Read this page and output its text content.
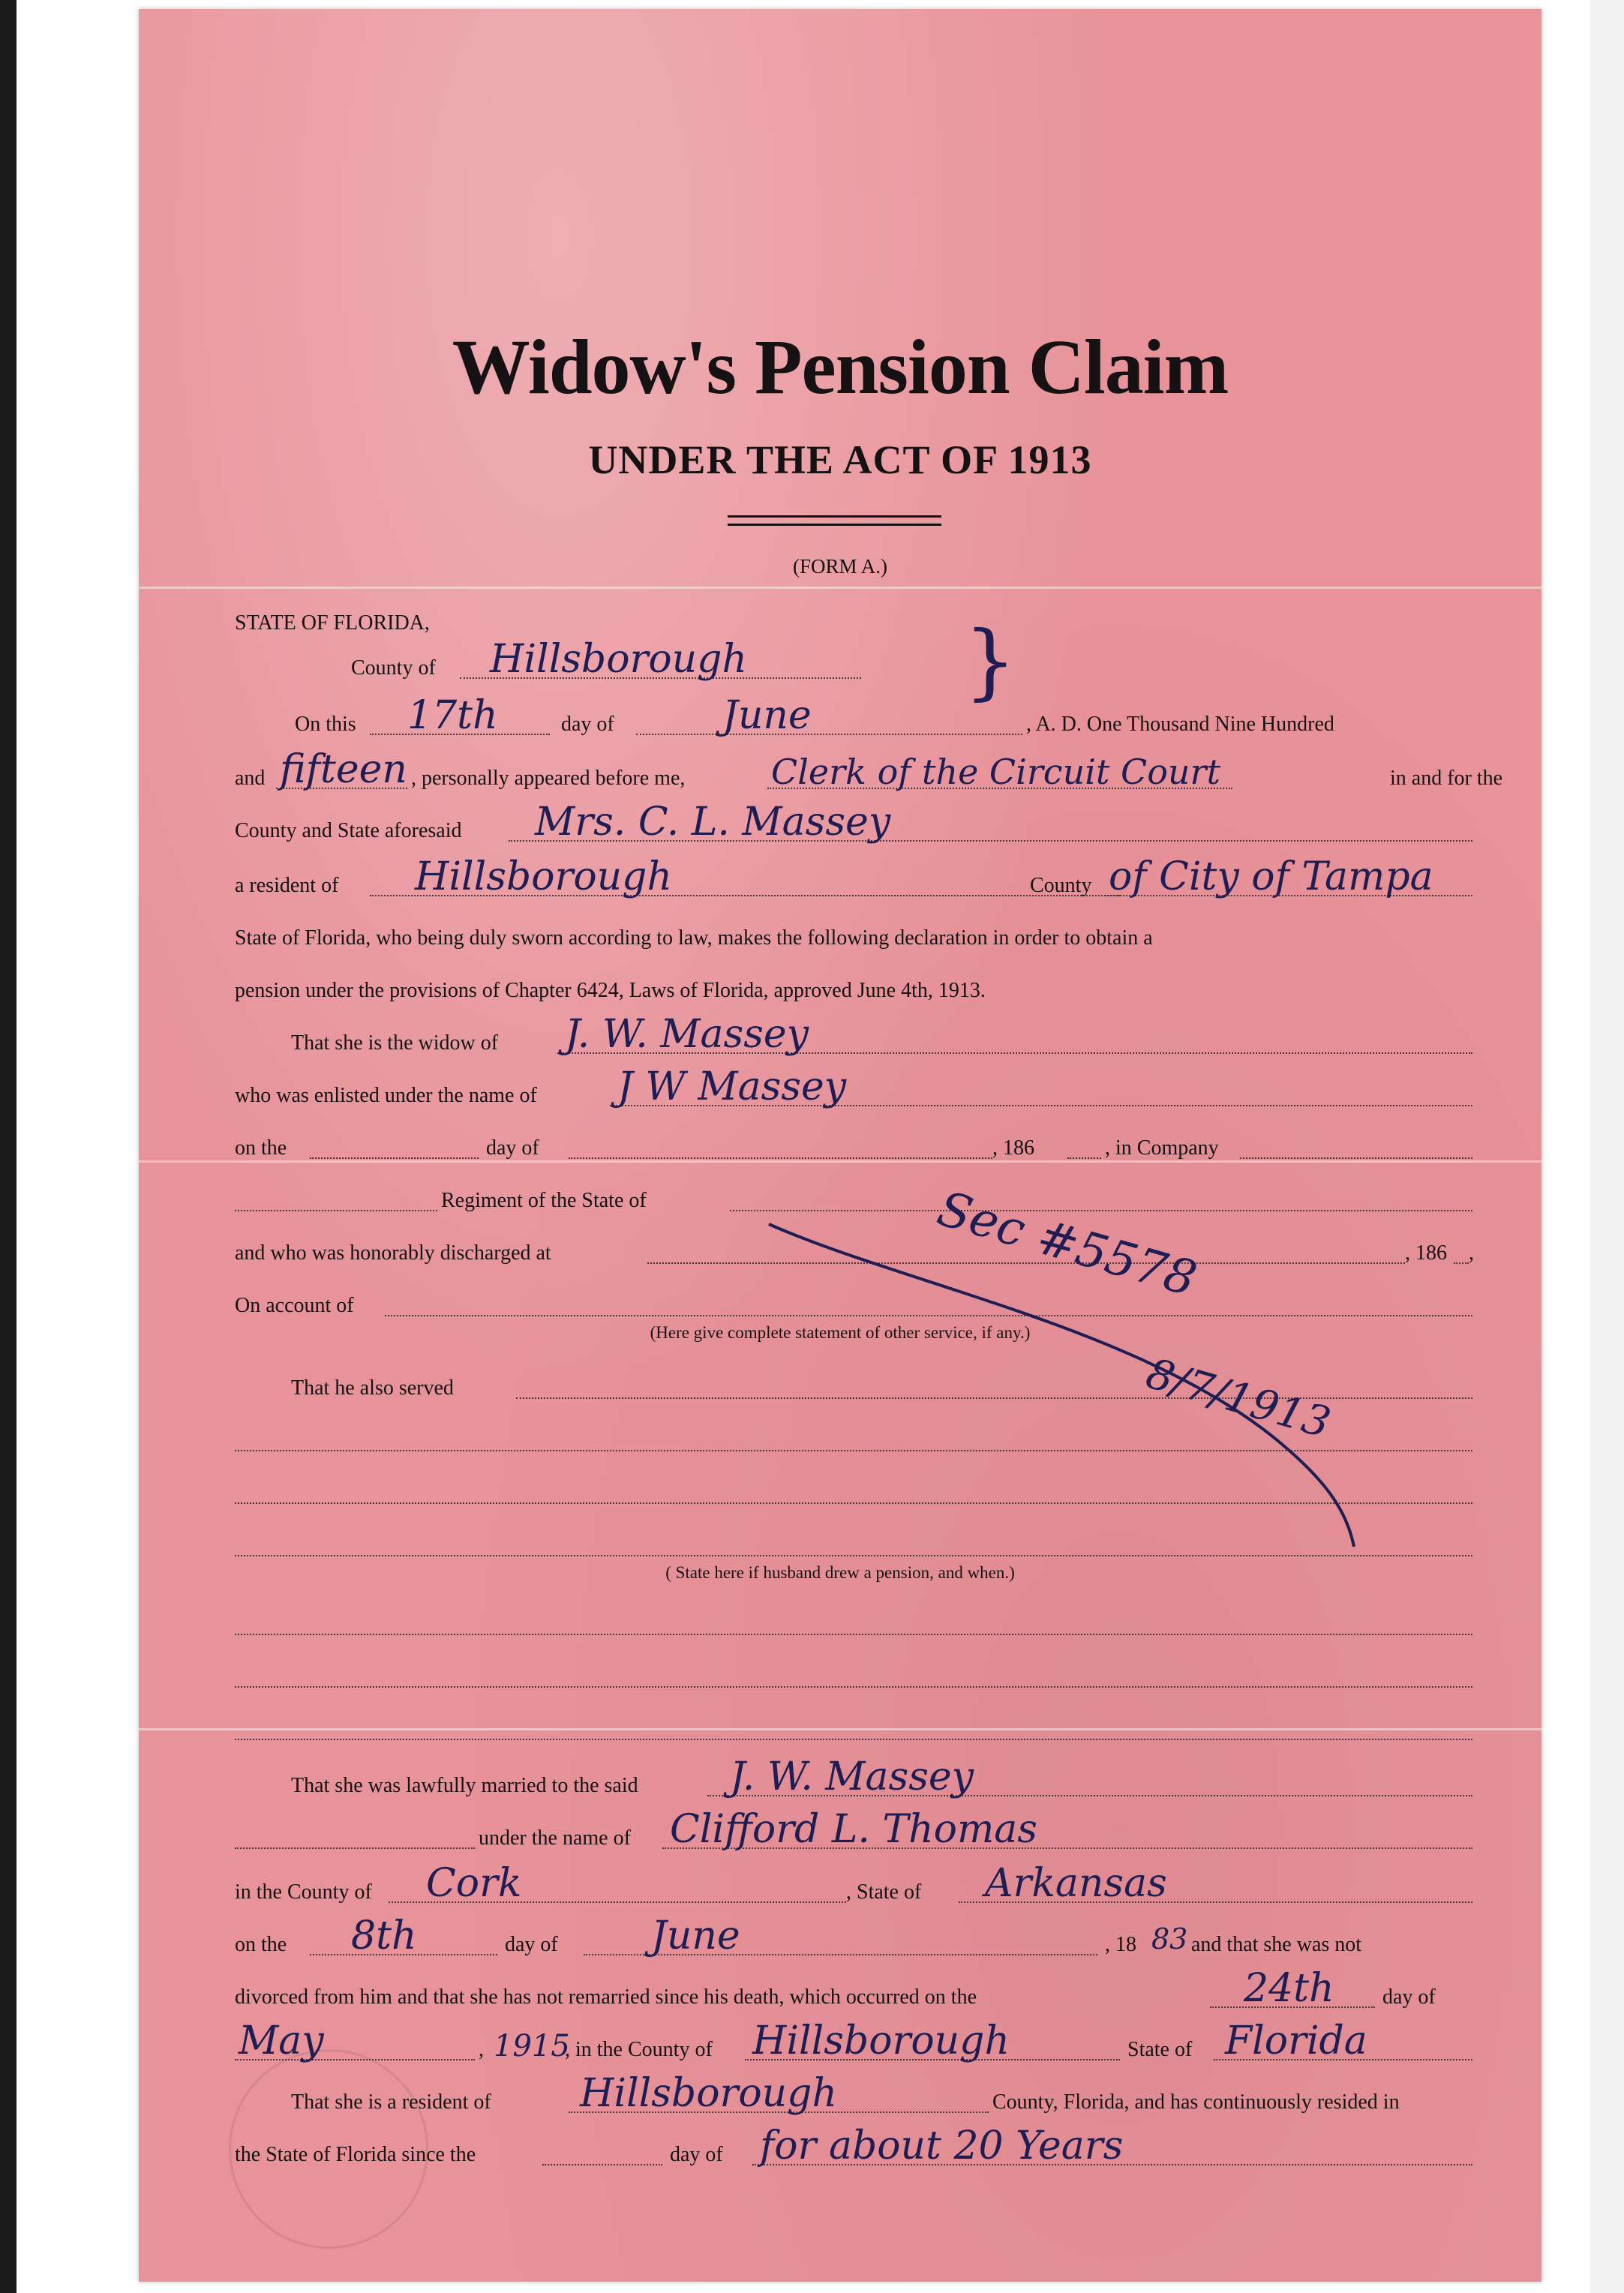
Widow's Pension Claim
UNDER THE ACT OF 1913
(FORM A.)
STATE OF FLORIDA,	}
County of Hillsborough
On this 17th	day of	June	, A. D. One Thousand Nine Hundred
and fifteen , personally appeared before me, Clerk of the Circuit Court	in and for the
County and State aforesaid Mrs. C. L. Massey
a resident of Hillsborough	County of City of Tampa
State of Florida, who being duly sworn according to law, makes the following declaration in order to obtain a
pension under the provisions of Chapter 6424, Laws of Florida, approved June 4th, 1913.
That she is the widow of J. W. Massey
who was enlisted under the name of J W Massey
on the	day of	, 186	, in Company
Regiment of the State of
and who was honorably discharged at	, 186 ,
On account of
(Here give complete statement of other service, if any.)
That he also served
( State here if husband drew a pension, and when.)
That she was lawfully married to the said J. W. Massey
under the name of Clifford L. Thomas
in the County of Cork	, State of Arkansas
on the 8th	day of June	, 18 83 and that she was not
divorced from him and that she has not remarried since his death, which occurred on the	24th day of
May	, 1915
, in the County of Hillsborough	State of Florida
That she is a resident of Hillsborough	County, Florida, and has continuously resided in
the State of Florida since the	day of for about 20 Years
Sec #5578
8/7/1913
